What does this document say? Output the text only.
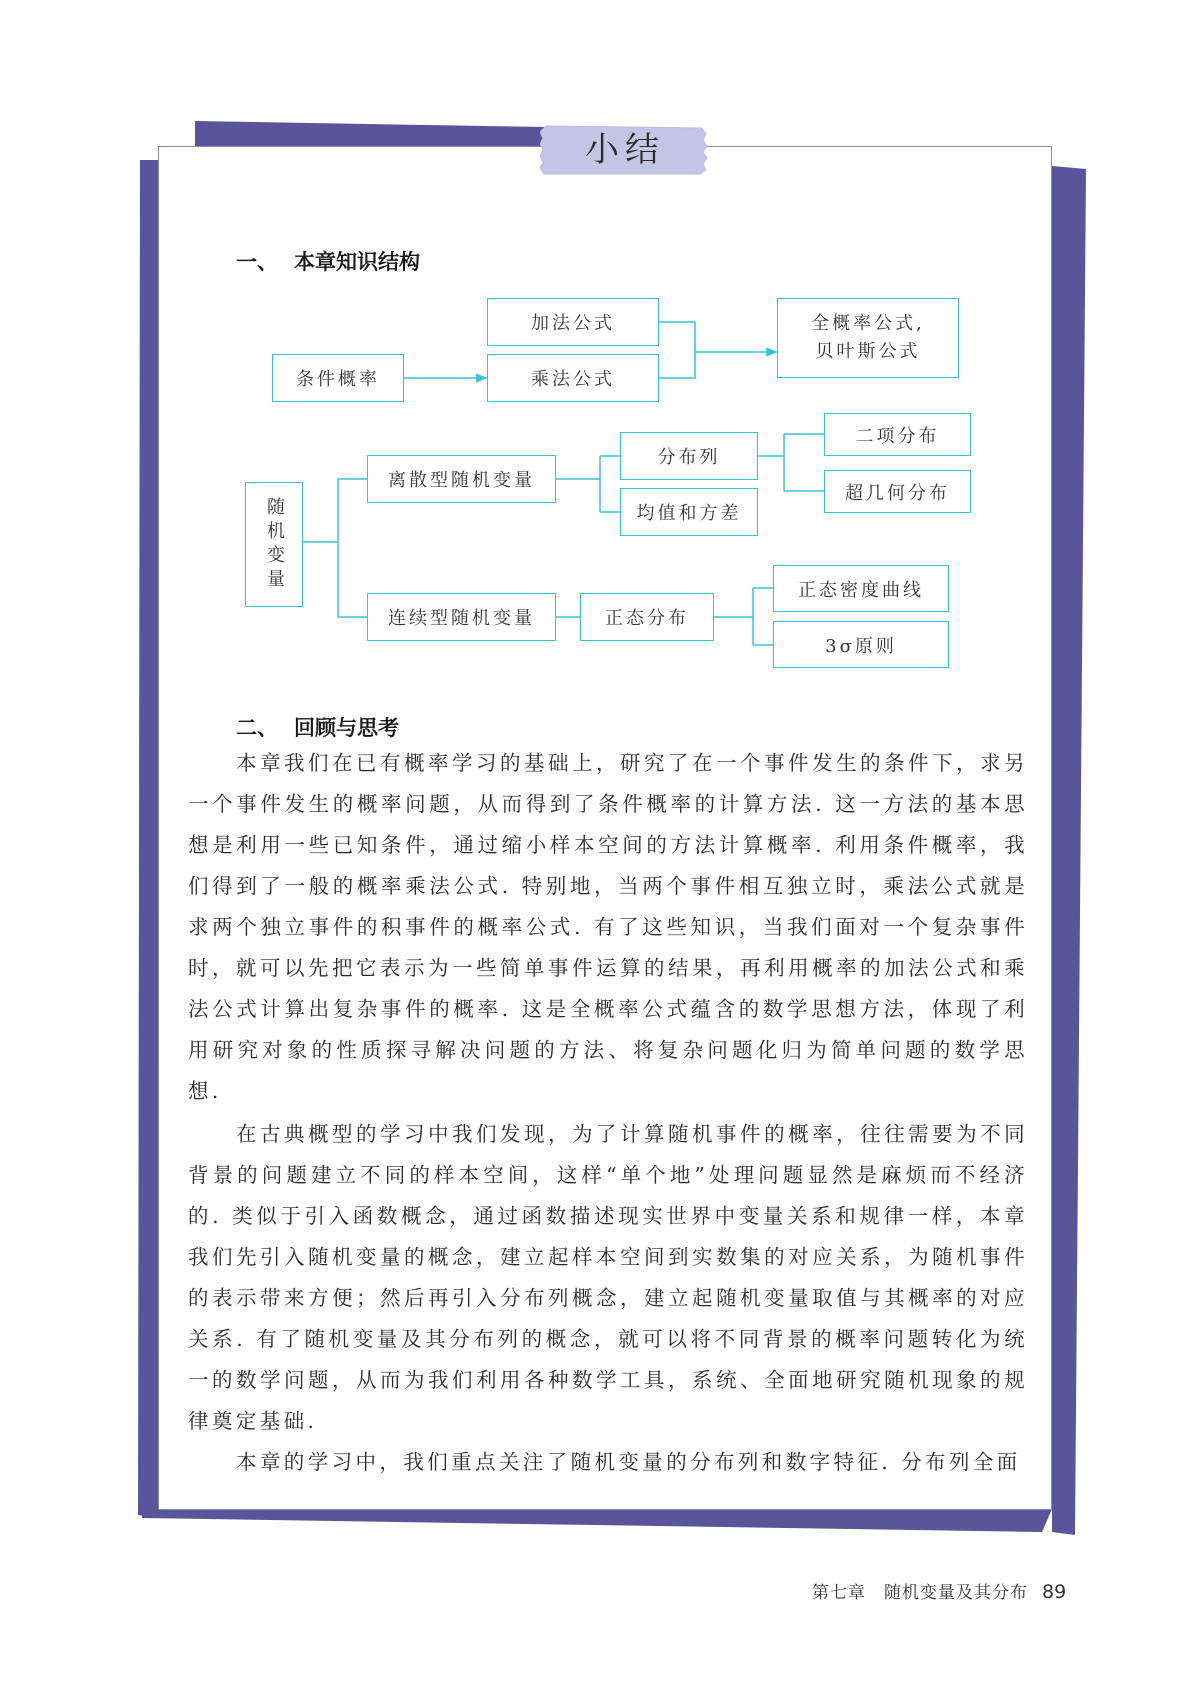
小结
一、 本章知识结构
加法公式
乘法公式
条件概率
全概率公式,
贝叶斯公式
随机变量
离散型随机变量
分布列
均值和方差
二项分布
超几何分布
连续型随机变量	正态分布
正态密度曲线
3σ原则
二、 回顾与思考

本章我们在已有概率学习的基础上，研究了在一个事件发生的条件下，求另一个事件发生的概率问题，从而得到了条件概率的计算方法. 这一方法的基本思想是利用一些已知条件，通过缩小样本空间的方法计算概率. 利用条件概率，我们得到了一般的概率乘法公式. 特别地，当两个事件相互独立时，乘法公式就是求两个独立事件的积事件的概率公式. 有了这些知识，当我们面对一个复杂事件时，就可以先把它表示为一些简单事件运算的结果，再利用概率的加法公式和乘法公式计算出复杂事件的概率. 这是全概率公式蕴含的数学思想方法，体现了利用研究对象的性质探寻解决问题的方法、将复杂问题化归为简单问题的数学思想.

在古典概型的学习中我们发现，为了计算随机事件的概率，往往需要为不同背景的问题建立不同的样本空间，这样“单个地”处理问题显然是麻烦而不经济的. 类似于引入函数概念，通过函数描述现实世界中变量关系和规律一样，本章我们先引入随机变量的概念，建立起样本空间到实数集的对应关系，为随机事件的表示带来方便；然后再引入分布列概念，建立起随机变量取值与其概率的对应关系. 有了随机变量及其分布列的概念，就可以将不同背景的概率问题转化为统一的数学问题，从而为我们利用各种数学工具，系统、全面地研究随机现象的规律奠定基础.

本章的学习中，我们重点关注了随机变量的分布列和数字特征. 分布列全面

第七章　随机变量及其分布 89
